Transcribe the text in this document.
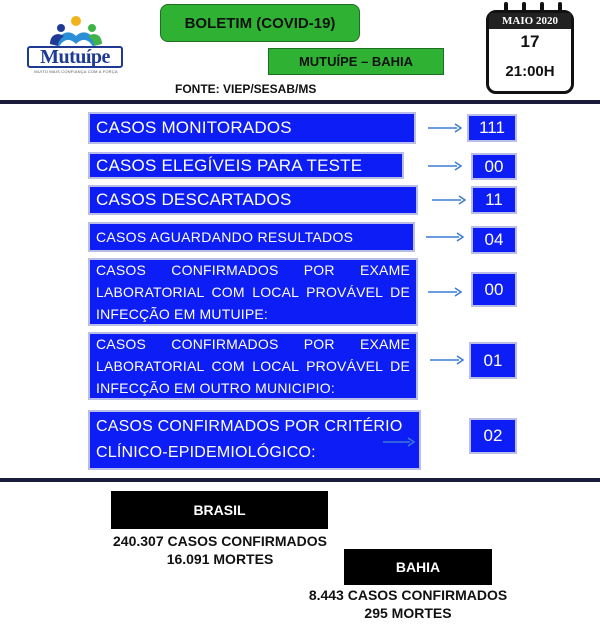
Mutuípe
MUITO MAIS CONFIANÇA COM A FORÇA
BOLETIM (COVID-19)
MUTUÍPE – BAHIA
FONTE: VIEP/SESAB/MS
MAIO 2020
17
21:00H
CASOS MONITORADOS	111
CASOS ELEGÍVEIS PARA TESTE	00
CASOS DESCARTADOS	11
CASOS AGUARDANDO RESULTADOS	04
CASOS CONFIRMADOS POR EXAME LABORATORIAL COM LOCAL PROVÁVEL DE INFECÇÃO EM MUTUIPE:
00
CASOS CONFIRMADOS POR EXAME LABORATORIAL COM LOCAL PROVÁVEL DE INFECÇÃO EM OUTRO MUNICIPIO:
01
CASOS CONFIRMADOS POR CRITÉRIO CLÍNICO-EPIDEMIOLÓGICO:
02
BRASIL
240.307 CASOS CONFIRMADOS
16.091 MORTES	BAHIA
8.443 CASOS CONFIRMADOS
295 MORTES
